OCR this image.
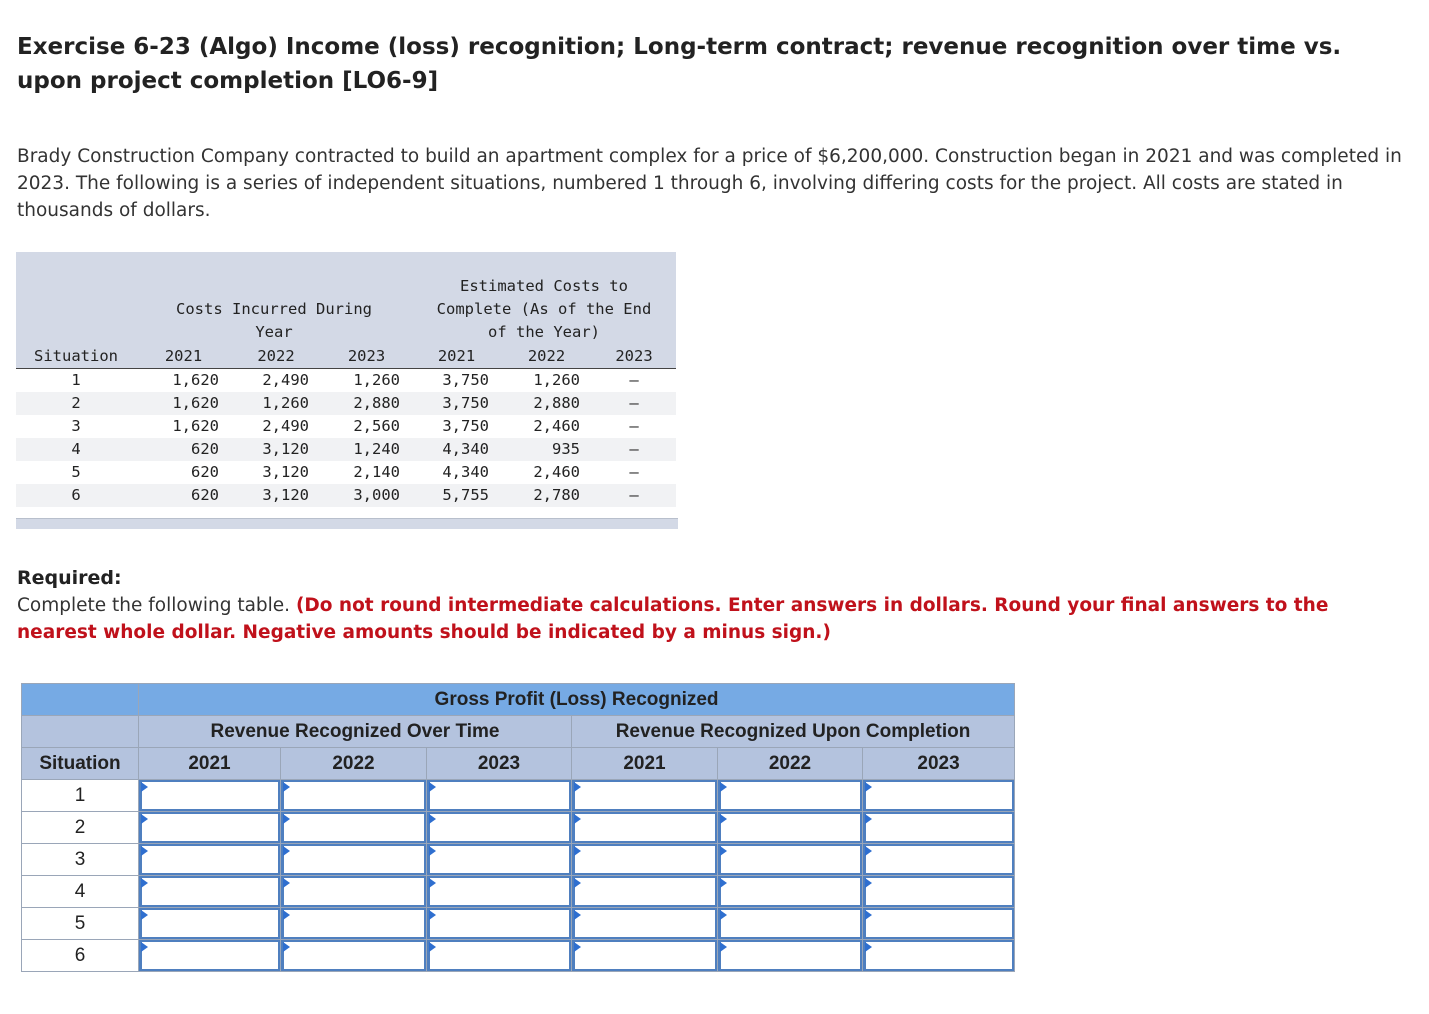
Exercise 6-23 (Algo) Income (loss) recognition; Long-term contract; revenue recognition over time vs. upon project completion [LO6-9]
Brady Construction Company contracted to build an apartment complex for a price of $6,200,000. Construction began in 2021 and was completed in 2023. The following is a series of independent situations, numbered 1 through 6, involving differing costs for the project. All costs are stated in thousands of dollars.

	Costs Incurred During Year			Estimated Costs to Complete (As of the End of the Year)		

Situation	2021	2022	2023	2021	2022	2023
1	1,620	2,490	1,260	3,750	1,260	–
2	1,620	1,260	2,880	3,750	2,880	–
3	1,620	2,490	2,560	3,750	2,460	–
4	620	3,120	1,240	4,340	935	–
5	620	3,120	2,140	4,340	2,460	–
6	620	3,120	3,000	5,755	2,780	–
Required:
Complete the following table. (Do not round intermediate calculations. Enter answers in dollars. Round your final answers to the nearest whole dollar. Negative amounts should be indicated by a minus sign.)
	Gross Profit (Loss) Recognized					
	Revenue Recognized Over Time			Revenue Recognized Upon Completion		
Situation	2021	2022	2023	2021	2022	2023
1	

2	

3	

4	

5	

6	
